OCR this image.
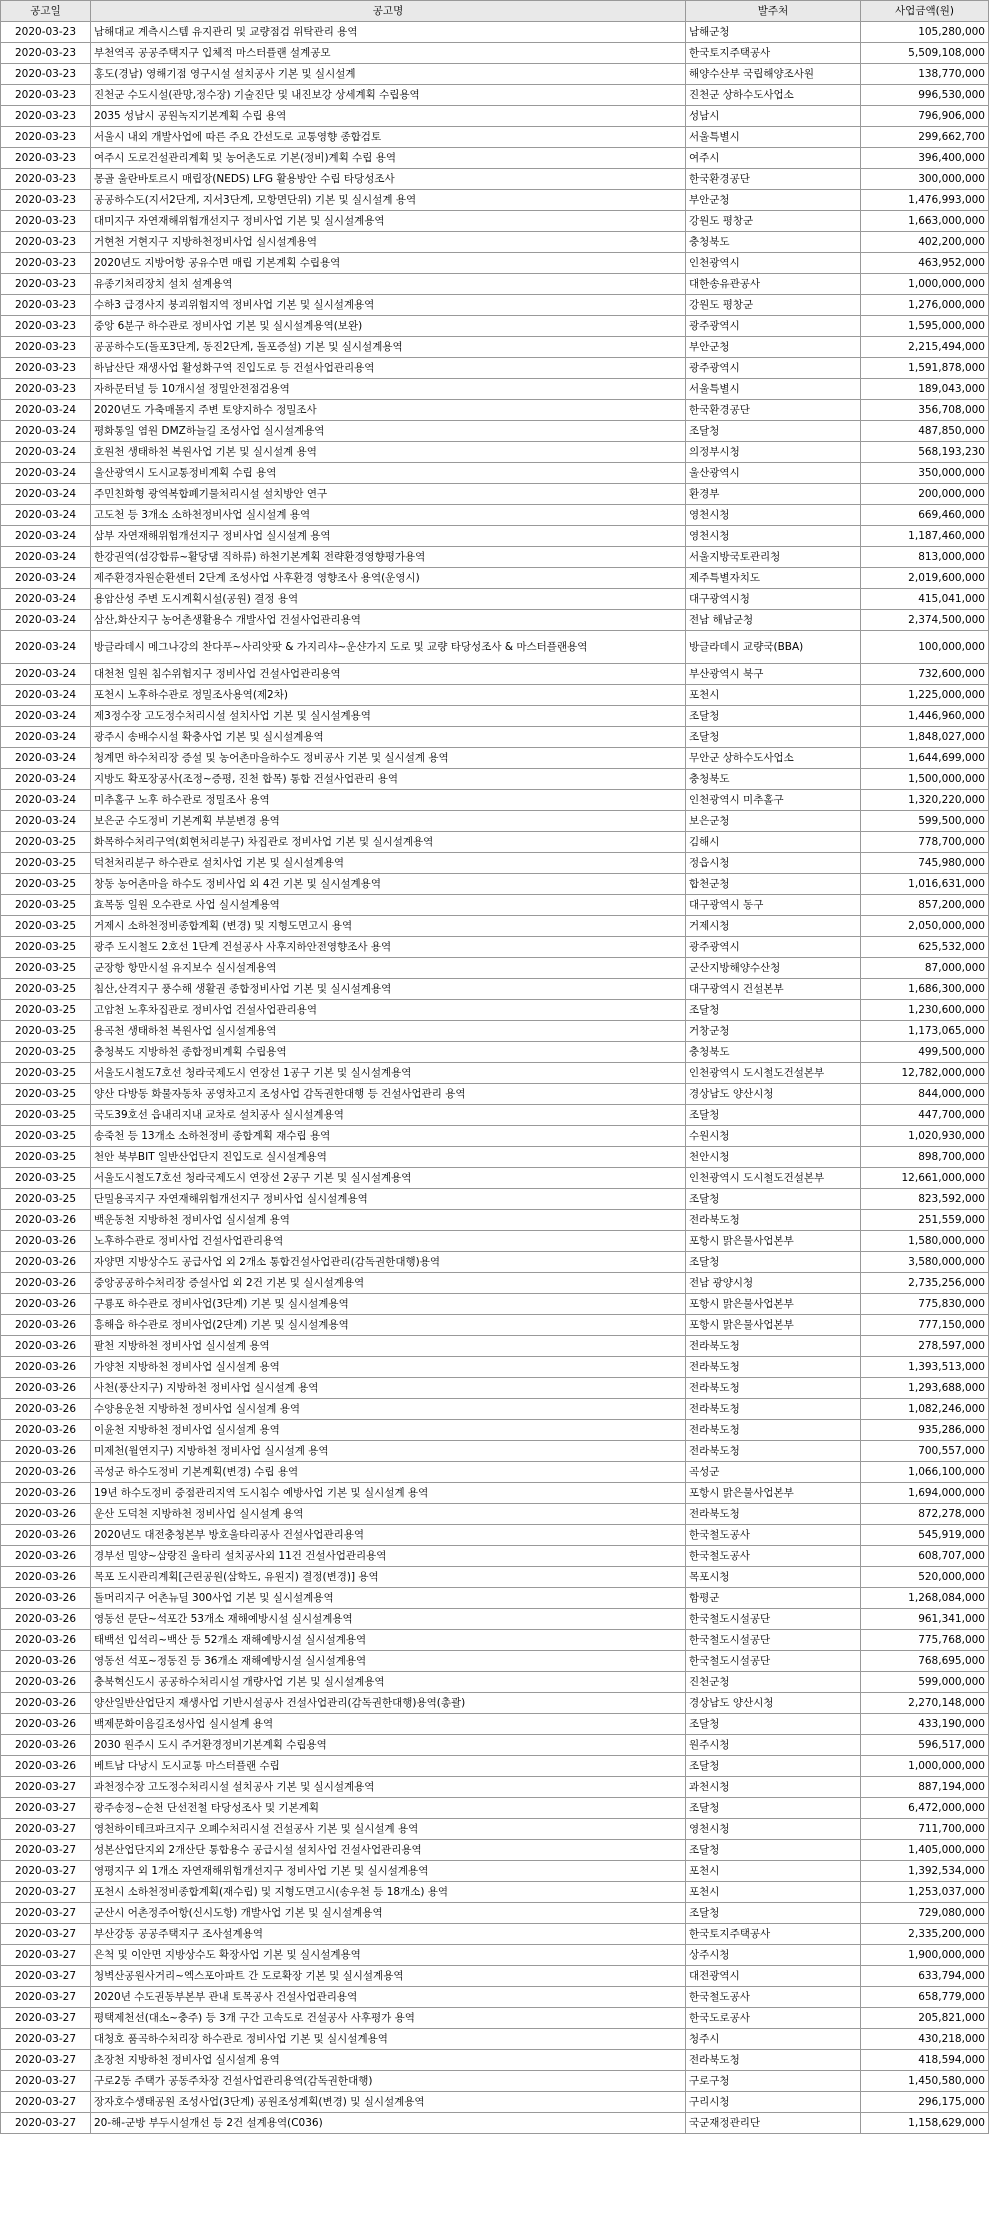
공고일	공고명	발주처	사업금액(원)
2020-03-23	남해대교 계측시스템 유지관리 및 교량점검 위탁관리 용역	남해군청	105,280,000
2020-03-23	부천역곡 공공주택지구 입체적 마스터플랜 설계공모	한국토지주택공사	5,509,108,000
2020-03-23	홍도(경남) 영해기점 영구시설 설치공사 기본 및 실시설계	해양수산부 국립해양조사원	138,770,000
2020-03-23	진천군 수도시설(관망,정수장) 기술진단 및 내진보강 상세계획 수립용역	진천군 상하수도사업소	996,530,000
2020-03-23	2035 성남시 공원녹지기본계획 수립 용역	성남시	796,906,000
2020-03-23	서울시 내외 개발사업에 따른 주요 간선도로 교통영향 종합검토	서울특별시	299,662,700
2020-03-23	여주시 도로건설관리계획 및 농어촌도로 기본(정비)계획 수립 용역	여주시	396,400,000
2020-03-23	몽골 울란바토르시 매립장(NEDS) LFG 활용방안 수립 타당성조사	한국환경공단	300,000,000
2020-03-23	공공하수도(지서2단계, 지서3단계, 모항면단위) 기본 및 실시설계 용역	부안군청	1,476,993,000
2020-03-23	대미지구 자연재해위험개선지구 정비사업 기본 및 실시설계용역	강원도 평창군	1,663,000,000
2020-03-23	거현천 거현지구 지방하천정비사업 실시설계용역	충청북도	402,200,000
2020-03-23	2020년도 지방어항 공유수면 매립 기본계획 수립용역	인천광역시	463,952,000
2020-03-23	유종기처리장치 설치 설계용역	대한송유관공사	1,000,000,000
2020-03-23	수하3 급경사지 붕괴위험지역 정비사업 기본 및 실시설계용역	강원도 평창군	1,276,000,000
2020-03-23	중앙 6분구 하수관로 정비사업 기본 및 실시설계용역(보완)	광주광역시	1,595,000,000
2020-03-23	공공하수도(돌포3단계, 동진2단계, 돌포증설) 기본 및 실시설계용역	부안군청	2,215,494,000
2020-03-23	하남산단 재생사업 활성화구역 진입도로 등 건설사업관리용역	광주광역시	1,591,878,000
2020-03-23	자하문터널 등 10개시설 정밀안전점검용역	서울특별시	189,043,000
2020-03-24	2020년도 가축매몰지 주변 토양지하수 정밀조사	한국환경공단	356,708,000
2020-03-24	평화통일 염원 DMZ하늘길 조성사업 실시설계용역	조달청	487,850,000
2020-03-24	호원천 생태하천 복원사업 기본 및 실시설계 용역	의정부시청	568,193,230
2020-03-24	울산광역시 도시교통정비계획 수립 용역	울산광역시	350,000,000
2020-03-24	주민친화형 광역복합폐기물처리시설 설치방안 연구	환경부	200,000,000
2020-03-24	고도천 등 3개소 소하천정비사업 실시설계 용역	영천시청	669,460,000
2020-03-24	삼부 자연재해위험개선지구 정비사업 실시설계 용역	영천시청	1,187,460,000
2020-03-24	한강권역(섬강합류~활당댐 직하류) 하천기본계획 전략환경영향평가용역	서울지방국토관리청	813,000,000
2020-03-24	제주환경자원순환센터 2단계 조성사업 사후환경 영향조사 용역(운영시)	제주특별자치도	2,019,600,000
2020-03-24	용암산성 주변 도시계획시설(공원) 결정 용역	대구광역시청	415,041,000
2020-03-24	삼산,화산지구 농어촌생활용수 개발사업 건설사업관리용역	전남 해남군청	2,374,500,000
2020-03-24	방글라데시 메그나강의 찬다푸~사리앗팟 & 가지리샤~운샨가지 도로 및 교량 타당성조사 & 마스터플랜용역	방글라데시 교량국(BBA)	100,000,000
2020-03-24	대천천 일원 침수위험지구 정비사업 건설사업관리용역	부산광역시 북구	732,600,000
2020-03-24	포천시 노후하수관로 정밀조사용역(제2차)	포천시	1,225,000,000
2020-03-24	제3정수장 고도정수처리시설 설치사업 기본 및 실시설계용역	조달청	1,446,960,000
2020-03-24	광주시 송배수시설 확충사업 기본 및 실시설계용역	조달청	1,848,027,000
2020-03-24	청계면 하수처리장 증설 및 농어촌마을하수도 정비공사 기본 및 실시설계 용역	무안군 상하수도사업소	1,644,699,000
2020-03-24	지방도 확포장공사(조정~증평, 진천 합목) 통합 건설사업관리 용역	충청북도	1,500,000,000
2020-03-24	미추홀구 노후 하수관로 정밀조사 용역	인천광역시 미추홀구	1,320,220,000
2020-03-24	보은군 수도정비 기본계획 부분변경 용역	보은군청	599,500,000
2020-03-25	화목하수처리구역(회현처리분구) 차집관로 정비사업 기본 및 실시설계용역	김해시	778,700,000
2020-03-25	덕천처리분구 하수관로 설치사업 기본 및 실시설계용역	정읍시청	745,980,000
2020-03-25	창동 농어촌마을 하수도 정비사업 외 4건 기본 및 실시설계용역	합천군청	1,016,631,000
2020-03-25	효목동 일원 오수관로 사업 실시설계용역	대구광역시 동구	857,200,000
2020-03-25	거제시 소하천정비종합계획 (변경) 및 지형도면고시 용역	거제시청	2,050,000,000
2020-03-25	광주 도시철도 2호선 1단계 건설공사 사후지하안전영향조사 용역	광주광역시	625,532,000
2020-03-25	군장항 항만시설 유지보수 실시설계용역	군산지방해양수산청	87,000,000
2020-03-25	침산,산격지구 풍수해 생활권 종합정비사업 기본 및 실시설계용역	대구광역시 건설본부	1,686,300,000
2020-03-25	고암천 노후차집관로 정비사업 건설사업관리용역	조달청	1,230,600,000
2020-03-25	용곡천 생태하천 복원사업 실시설계용역	거창군청	1,173,065,000
2020-03-25	충청북도 지방하천 종합정비계획 수립용역	충청북도	499,500,000
2020-03-25	서울도시철도7호선 청라국제도시 연장선 1공구 기본 및 실시설계용역	인천광역시 도시철도건설본부	12,782,000,000
2020-03-25	양산 다방동 화물자동차 공영차고지 조성사업 감독권한대행 등 건설사업관리 용역	경상남도 양산시청	844,000,000
2020-03-25	국도39호선 읍내리지내 교차로 설치공사 실시설계용역	조달청	447,700,000
2020-03-25	송죽천 등 13개소 소하천정비 종합계획 재수립 용역	수원시청	1,020,930,000
2020-03-25	천안 북부BIT 일반산업단지 진입도로 실시설계용역	천안시청	898,700,000
2020-03-25	서울도시철도7호선 청라국제도시 연장선 2공구 기본 및 실시설계용역	인천광역시 도시철도건설본부	12,661,000,000
2020-03-25	단밀용곡지구 자연재해위험개선지구 정비사업 실시설계용역	조달청	823,592,000
2020-03-26	백운동천 지방하천 정비사업 실시설계 용역	전라북도청	251,559,000
2020-03-26	노후하수관로 정비사업 건설사업관리용역	포항시 맑은물사업본부	1,580,000,000
2020-03-26	자양면 지방상수도 공급사업 외 2개소 통합건설사업관리(감독권한대행)용역	조달청	3,580,000,000
2020-03-26	중앙공공하수처리장 증설사업 외 2건 기본 및 실시설계용역	전남 광양시청	2,735,256,000
2020-03-26	구룡포 하수관로 정비사업(3단계) 기본 및 실시설계용역	포항시 맑은물사업본부	775,830,000
2020-03-26	흥해읍 하수관로 정비사업(2단계) 기본 및 실시설계용역	포항시 맑은물사업본부	777,150,000
2020-03-26	팔천 지방하천 정비사업 실시설계 용역	전라북도청	278,597,000
2020-03-26	가양천 지방하천 정비사업 실시설계 용역	전라북도청	1,393,513,000
2020-03-26	사천(풍산지구) 지방하천 정비사업 실시설계 용역	전라북도청	1,293,688,000
2020-03-26	수양용운천 지방하천 정비사업 실시설계 용역	전라북도청	1,082,246,000
2020-03-26	이윤천 지방하천 정비사업 실시설계 용역	전라북도청	935,286,000
2020-03-26	미제천(월연지구) 지방하천 정비사업 실시설계 용역	전라북도청	700,557,000
2020-03-26	곡성군 하수도정비 기본계획(변경) 수립 용역	곡성군	1,066,100,000
2020-03-26	19년 하수도정비 중점관리지역 도시침수 예방사업 기본 및 실시설계 용역	포항시 맑은물사업본부	1,694,000,000
2020-03-26	운산 도덕천 지방하천 정비사업 실시설계 용역	전라북도청	872,278,000
2020-03-26	2020년도 대전충청본부 방호울타리공사 건설사업관리용역	한국철도공사	545,919,000
2020-03-26	경부선 밀양~삼랑진 울타리 설치공사외 11건 건설사업관리용역	한국철도공사	608,707,000
2020-03-26	목포 도시관리계획[근린공원(삼학도, 유원지) 결정(변경)] 용역	목포시청	520,000,000
2020-03-26	돌머리지구 어촌뉴딜 300사업 기본 및 실시설계용역	함평군	1,268,084,000
2020-03-26	영동선 문단~석포간 53개소 재해예방시설 실시설계용역	한국철도시설공단	961,341,000
2020-03-26	태백선 입석리~백산 등 52개소 재해예방시설 실시설계용역	한국철도시설공단	775,768,000
2020-03-26	영동선 석포~정동진 등 36개소 재해예방시설 실시설계용역	한국철도시설공단	768,695,000
2020-03-26	충북혁신도시 공공하수처리시설 개량사업 기본 및 실시설계용역	진천군청	599,000,000
2020-03-26	양산일반산업단지 재생사업 기반시설공사 건설사업관리(감독권한대행)용역(총괄)	경상남도 양산시청	2,270,148,000
2020-03-26	백제문화이음길조성사업 실시설계 용역	조달청	433,190,000
2020-03-26	2030 원주시 도시 주거환경정비기본계획 수립용역	원주시청	596,517,000
2020-03-26	베트남 다낭시 도시교통 마스터플랜 수립	조달청	1,000,000,000
2020-03-27	과천정수장 고도정수처리시설 설치공사 기본 및 실시설계용역	과천시청	887,194,000
2020-03-27	광주송정~순천 단선전철 타당성조사 및 기본계획	조달청	6,472,000,000
2020-03-27	영천하이테크파크지구 오폐수처리시설 건설공사 기본 및 실시설계 용역	영천시청	711,700,000
2020-03-27	성본산업단지외 2개산단 통합용수 공급시설 설치사업 건설사업관리용역	조달청	1,405,000,000
2020-03-27	영평지구 외 1개소 자연재해위험개선지구 정비사업 기본 및 실시설계용역	포천시	1,392,534,000
2020-03-27	포천시 소하천정비종합계획(재수립) 및 지형도면고시(송우천 등 18개소) 용역	포천시	1,253,037,000
2020-03-27	군산시 어촌정주어항(신시도항) 개발사업 기본 및 실시설계용역	조달청	729,080,000
2020-03-27	부산강동 공공주택지구 조사설계용역	한국토지주택공사	2,335,200,000
2020-03-27	은척 및 이안면 지방상수도 확장사업 기본 및 실시설계용역	상주시청	1,900,000,000
2020-03-27	청벽산공원사거리~엑스포아파트 간 도로확장 기본 및 실시설계용역	대전광역시	633,794,000
2020-03-27	2020년 수도권동부본부 관내 토목공사 건설사업관리용역	한국철도공사	658,779,000
2020-03-27	평택제천선(대소~충주) 등 3개 구간 고속도로 건설공사 사후평가 용역	한국도로공사	205,821,000
2020-03-27	대청호 품곡하수처리장 하수관로 정비사업 기본 및 실시설계용역	청주시	430,218,000
2020-03-27	초장천 지방하천 정비사업 실시설계 용역	전라북도청	418,594,000
2020-03-27	구로2동 주택가 공동주차장 건설사업관리용역(감독권한대행)	구로구청	1,450,580,000
2020-03-27	장자호수생태공원 조성사업(3단계) 공원조성계획(변경) 및 실시설계용역	구리시청	296,175,000
2020-03-27	20-해-군방 부두시설개선 등 2건 설계용역(C036)	국군재정관리단	1,158,629,000
